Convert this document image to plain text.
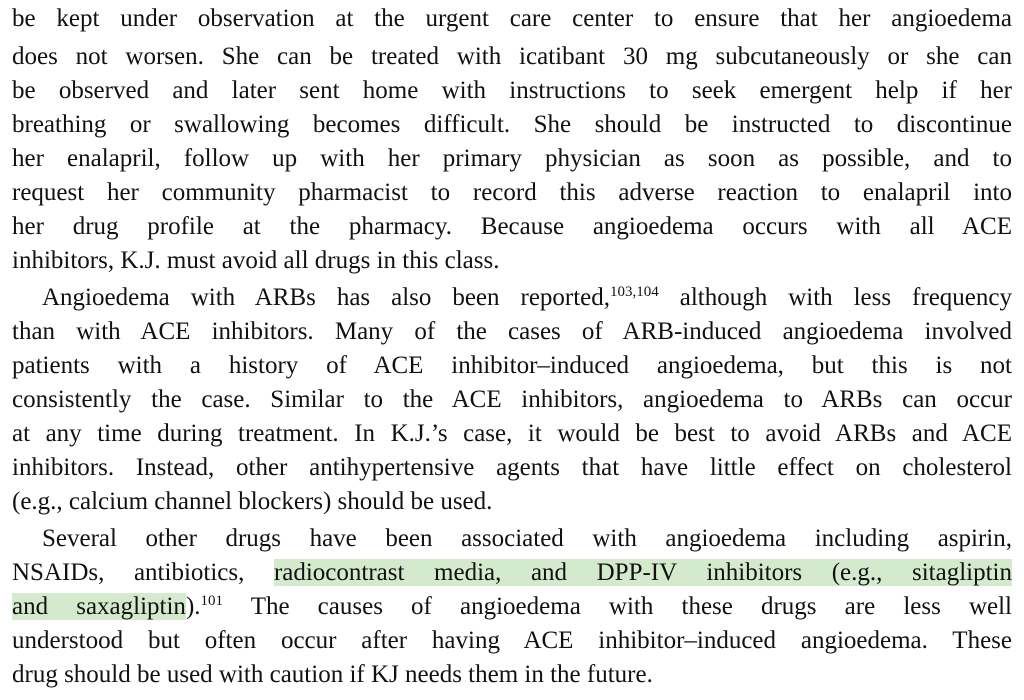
be kept under observation at the urgent care center to ensure that her angioedema
does not worsen. She can be treated with icatibant 30 mg subcutaneously or she can
be observed and later sent home with instructions to seek emergent help if her
breathing or swallowing becomes difficult. She should be instructed to discontinue
her enalapril, follow up with her primary physician as soon as possible, and to
request her community pharmacist to record this adverse reaction to enalapril into
her drug profile at the pharmacy. Because angioedema occurs with all ACE
inhibitors, K.J. must avoid all drugs in this class.
Angioedema with ARBs has also been reported,$^{103,104}$ although with less frequency
than with ACE inhibitors. Many of the cases of ARB-induced angioedema involved
patients with a history of ACE inhibitor–induced angioedema, but this is not
consistently the case. Similar to the ACE inhibitors, angioedema to ARBs can occur
at any time during treatment. In K.J.’s case, it would be best to avoid ARBs and ACE
inhibitors. Instead, other antihypertensive agents that have little effect on cholesterol
(e.g., calcium channel blockers) should be used.
Several other drugs have been associated with angioedema including aspirin,
NSAIDs, antibiotics, radiocontrast media, and DPP-IV inhibitors (e.g., sitagliptin
and saxagliptin).$^{101}$ The causes of angioedema with these drugs are less well
understood but often occur after having ACE inhibitor–induced angioedema. These
drug should be used with caution if KJ needs them in the future.
